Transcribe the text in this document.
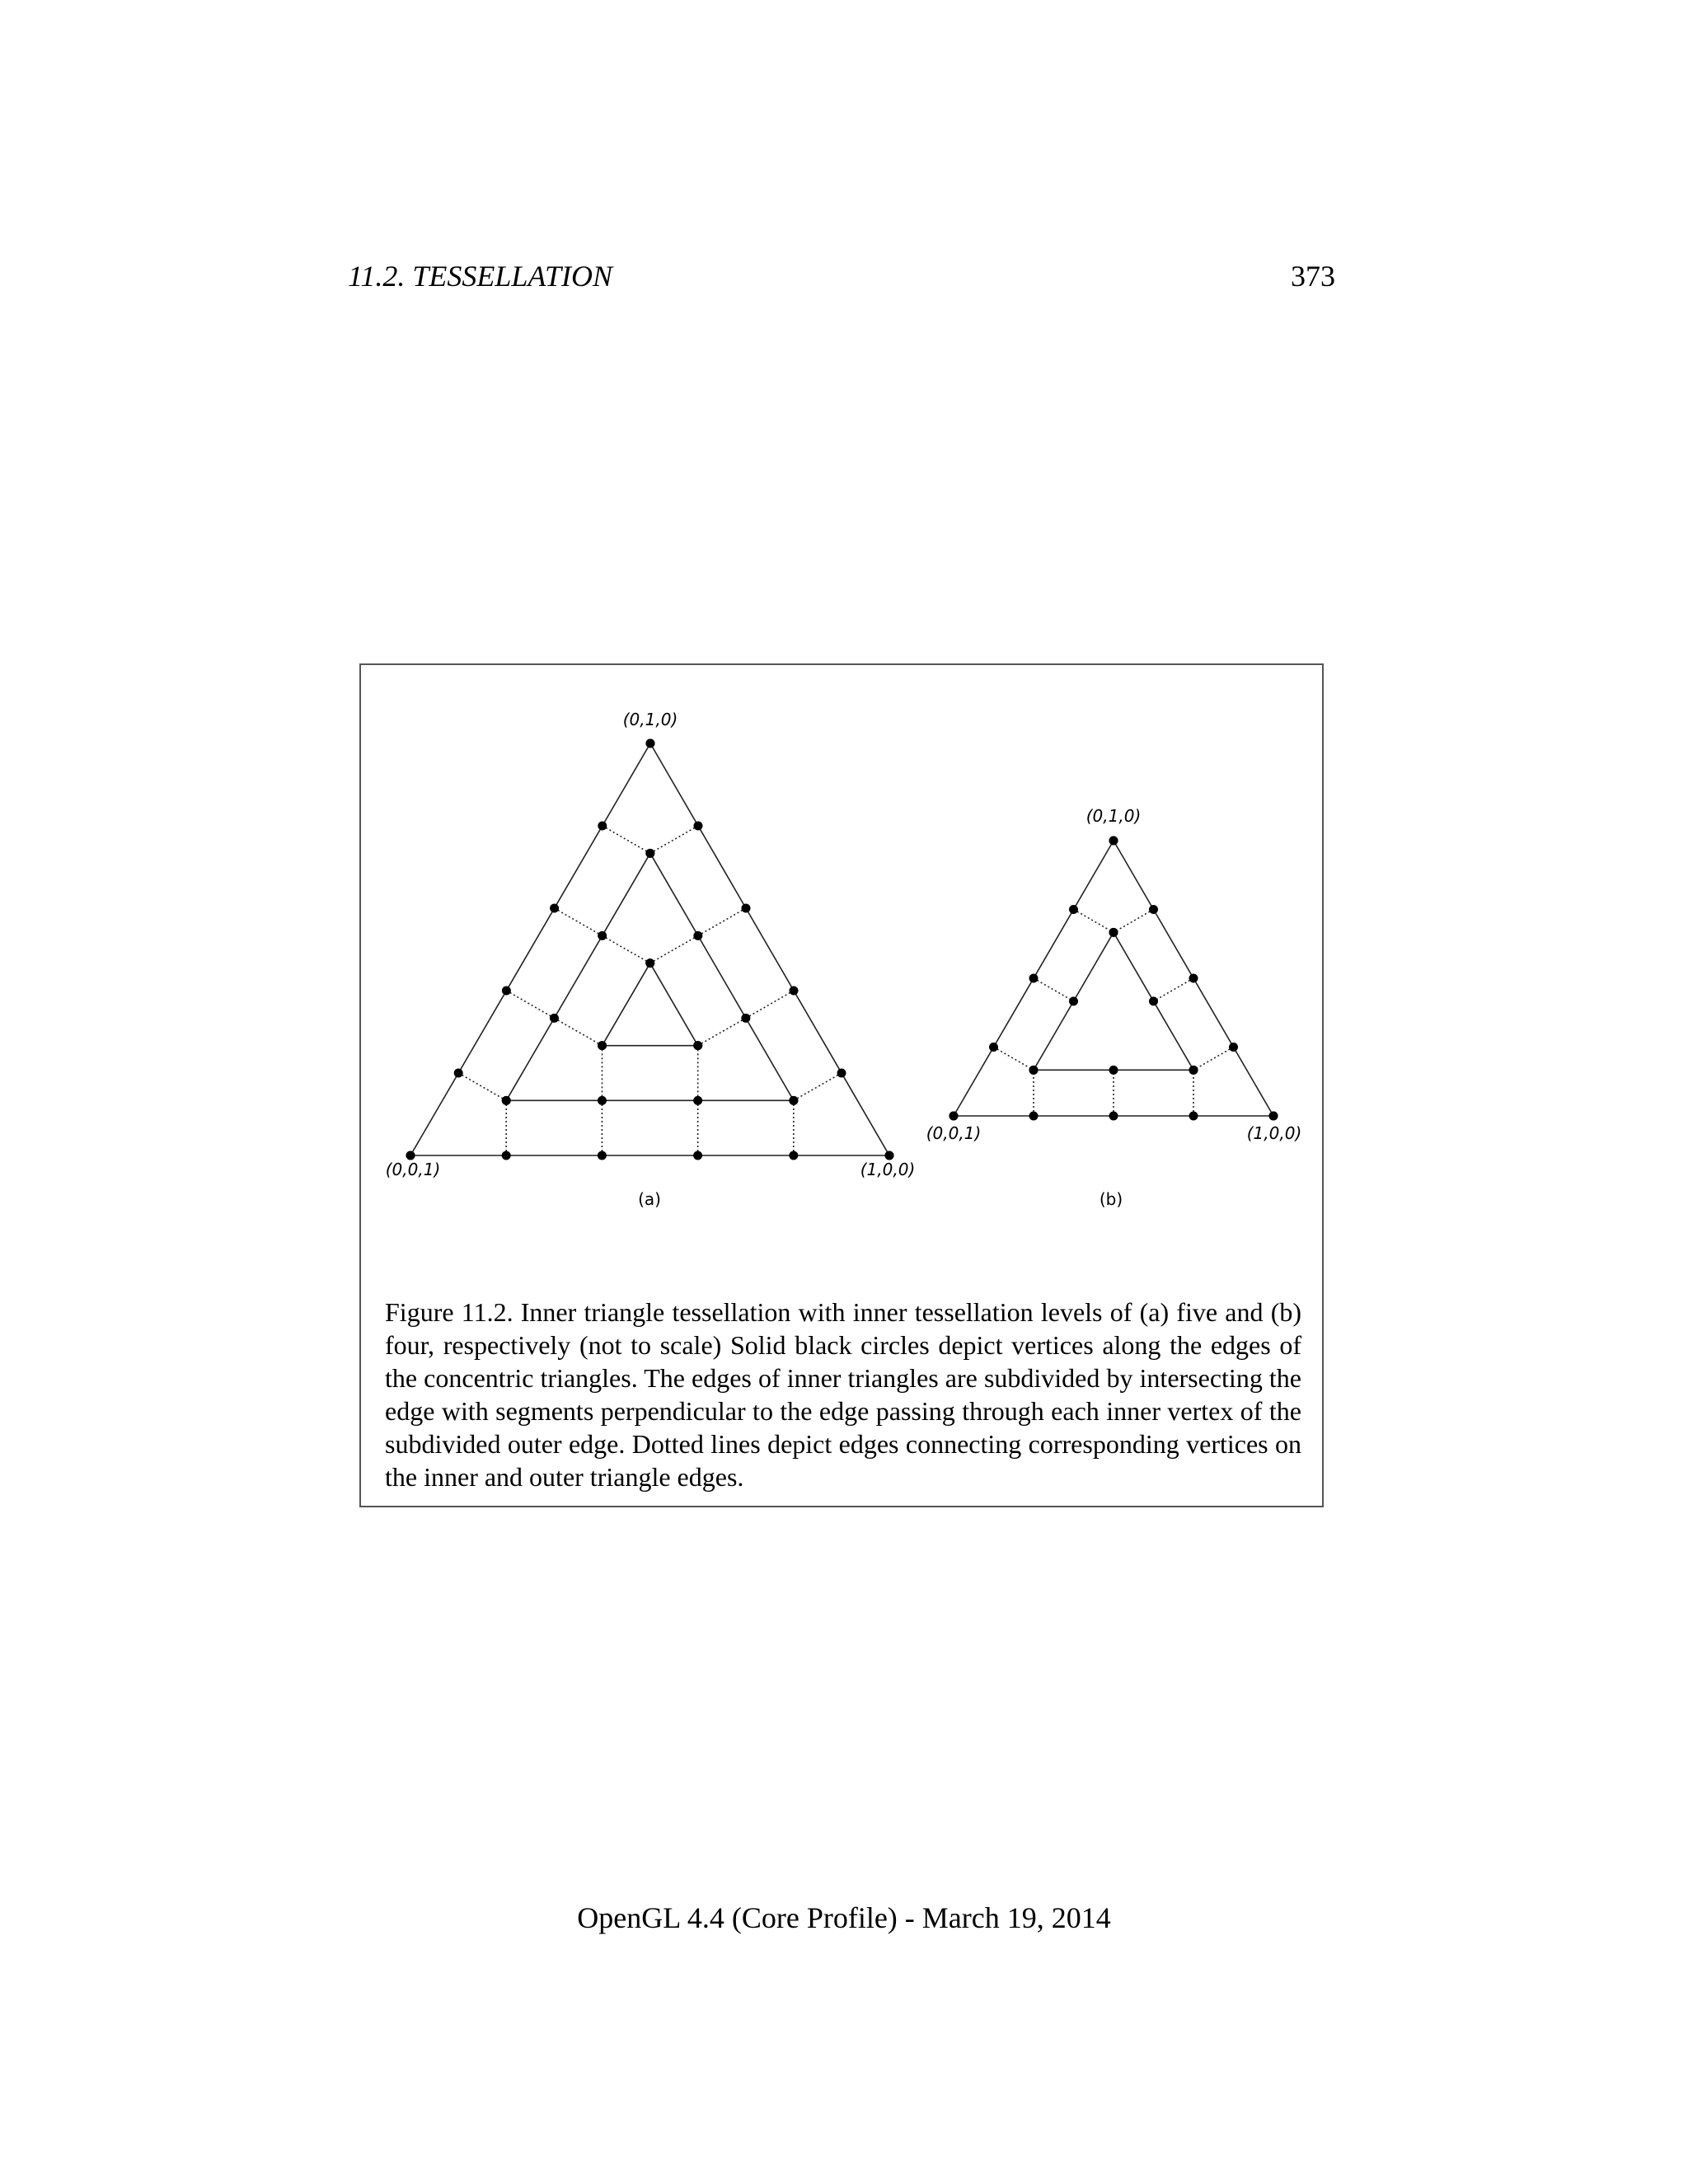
11.2. TESSELLATION	373
(0,1,0)
(0,0,1)	(1,0,0)
(a)
(0,1,0)
(0,0,1)	(1,0,0)
(b)
Figure 11.2. Inner triangle tessellation with inner tessellation levels of (a) five and (b) four, respectively (not to scale) Solid black circles depict vertices along the edges of the concentric triangles. The edges of inner triangles are subdivided by intersecting the edge with segments perpendicular to the edge passing through each inner vertex of the subdivided outer edge. Dotted lines depict edges connecting corresponding vertices on the inner and outer triangle edges.
OpenGL 4.4 (Core Profile) - March 19, 2014
